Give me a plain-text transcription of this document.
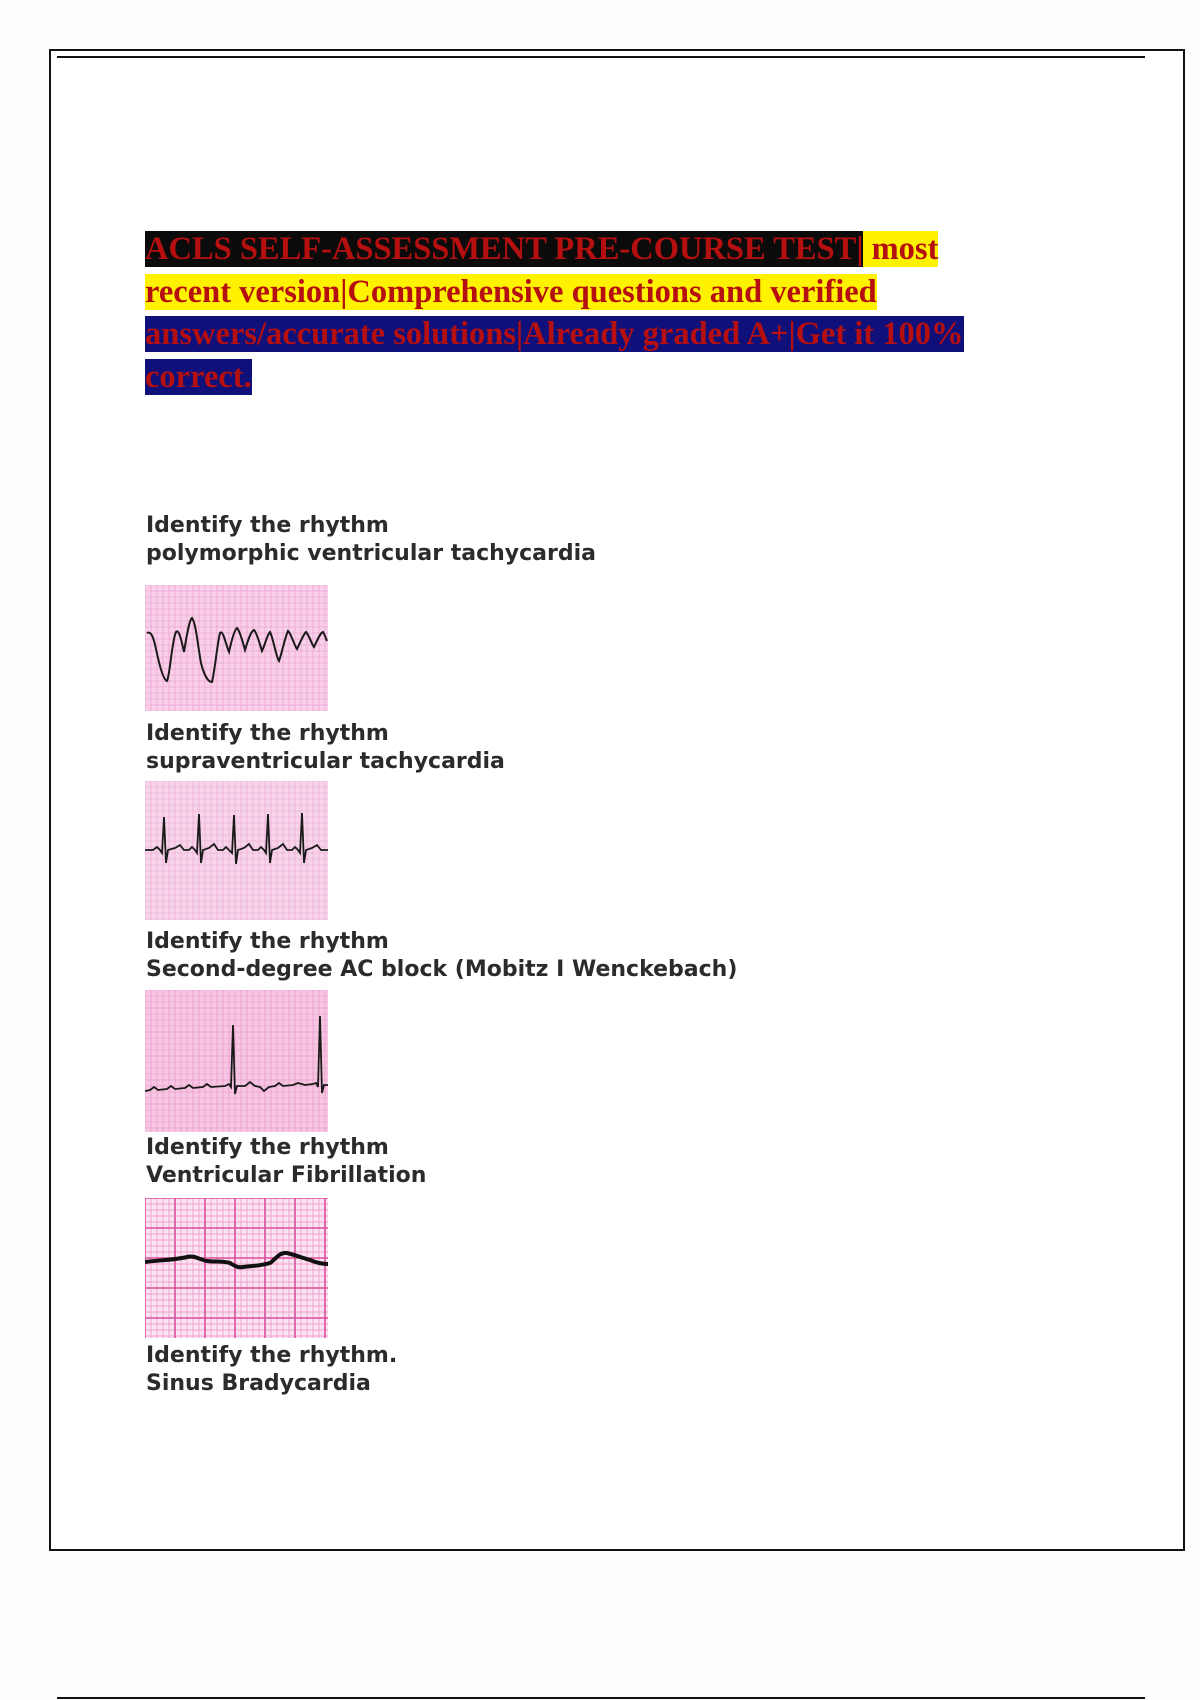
ACLS SELF-ASSESSMENT PRE-COURSE TEST| most
recent version|Comprehensive questions and verified
answers/accurate solutions|Already graded A+|Get it 100%
correct.
Identify the rhythm
polymorphic ventricular tachycardia
Identify the rhythm
supraventricular tachycardia
Identify the rhythm
Second-degree AC block (Mobitz I Wenckebach)
Identify the rhythm
Ventricular Fibrillation
Identify the rhythm.
Sinus Bradycardia
